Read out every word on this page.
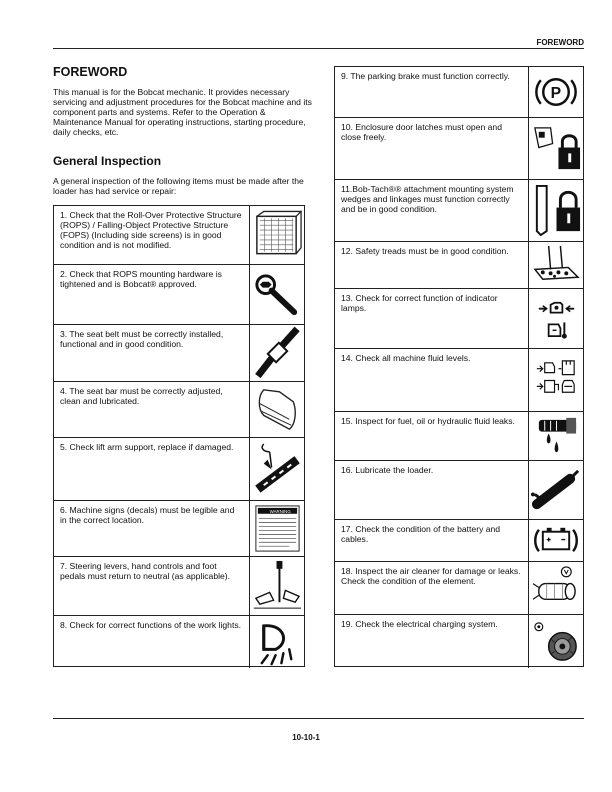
FOREWORD
FOREWORD
This manual is for the Bobcat mechanic. It provides necessary servicing and adjustment procedures for the Bobcat machine and its component parts and systems. Refer to the Operation & Maintenance Manual for operating instructions, starting procedure, daily checks, etc.
General Inspection
A general inspection of the following items must be made after the loader has had service or repair:
1. Check that the Roll-Over Protective Structure (ROPS) / Falling-Object Protective Structure (FOPS) (Including side screens) is in good condition and is not modified.
2. Check that ROPS mounting hardware is tightened and is Bobcat® approved.
3. The seat belt must be correctly installed, functional and in good condition.
4. The seat bar must be correctly adjusted, clean and lubricated.
5. Check lift arm support, replace if damaged.
6. Machine signs (decals) must be legible and in the correct location.
WARNING
7. Steering levers, hand controls and foot pedals must return to neutral (as applicable).
8. Check for correct functions of the work lights.
9. The parking brake must function correctly.
P
10. Enclosure door latches must open and close freely.
11.Bob-Tach®® attachment mounting system wedges and linkages must function correctly and be in good condition.
12. Safety treads must be in good condition.
13. Check for correct function of indicator lamps.
14. Check all machine fluid levels.
15. Inspect for fuel, oil or hydraulic fluid leaks.
16. Lubricate the loader.
17. Check the condition of the battery and cables.
18. Inspect the air cleaner for damage or leaks. Check the condition of the element.
19. Check the electrical charging system.
10-10-1
